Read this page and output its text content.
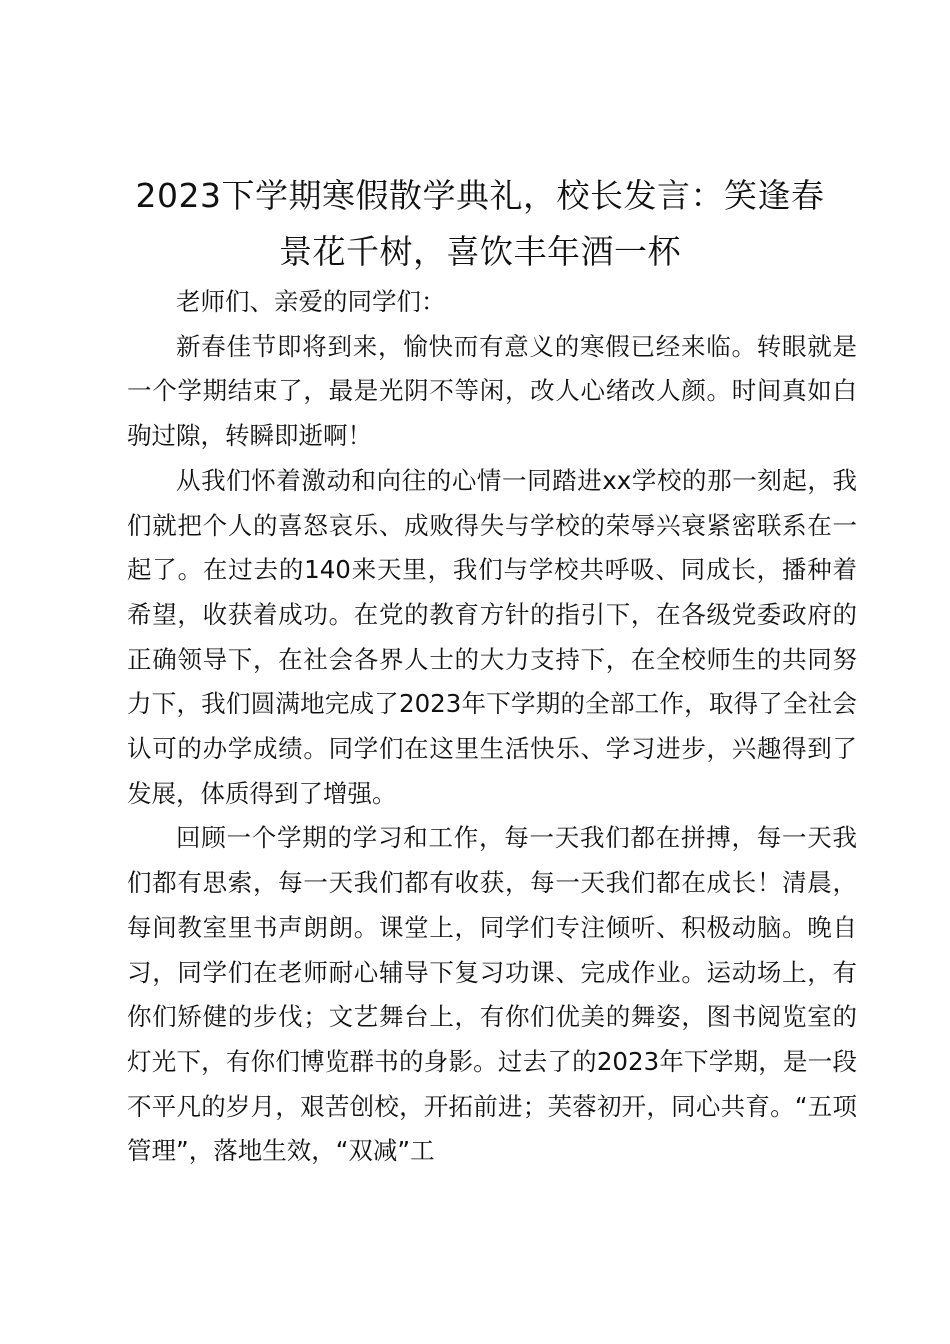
2023下学期寒假散学典礼，校长发言：笑逢春景花千树，喜饮丰年酒一杯

老师们、亲爱的同学们：

新春佳节即将到来，愉快而有意义的寒假已经来临。转眼就是一个学期结束了，最是光阴不等闲，改人心绪改人颜。时间真如白驹过隙，转瞬即逝啊！

从我们怀着激动和向往的心情一同踏进xx学校的那一刻起，我们就把个人的喜怒哀乐、成败得失与学校的荣辱兴衰紧密联系在一起了。在过去的140来天里，我们与学校共呼吸、同成长，播种着希望，收获着成功。在党的教育方针的指引下，在各级党委政府的正确领导下，在社会各界人士的大力支持下，在全校师生的共同努力下，我们圆满地完成了2023年下学期的全部工作，取得了全社会认可的办学成绩。同学们在这里生活快乐、学习进步，兴趣得到了发展，体质得到了增强。

回顾一个学期的学习和工作，每一天我们都在拼搏，每一天我们都有思索，每一天我们都有收获，每一天我们都在成长！清晨，每间教室里书声朗朗。课堂上，同学们专注倾听、积极动脑。晚自习，同学们在老师耐心辅导下复习功课、完成作业。运动场上，有你们矫健的步伐；文艺舞台上，有你们优美的舞姿，图书阅览室的灯光下，有你们博览群书的身影。过去了的2023年下学期，是一段不平凡的岁月，艰苦创校，开拓前进；芙蓉初开，同心共育。“五项管理”，落地生效，“双减”工
